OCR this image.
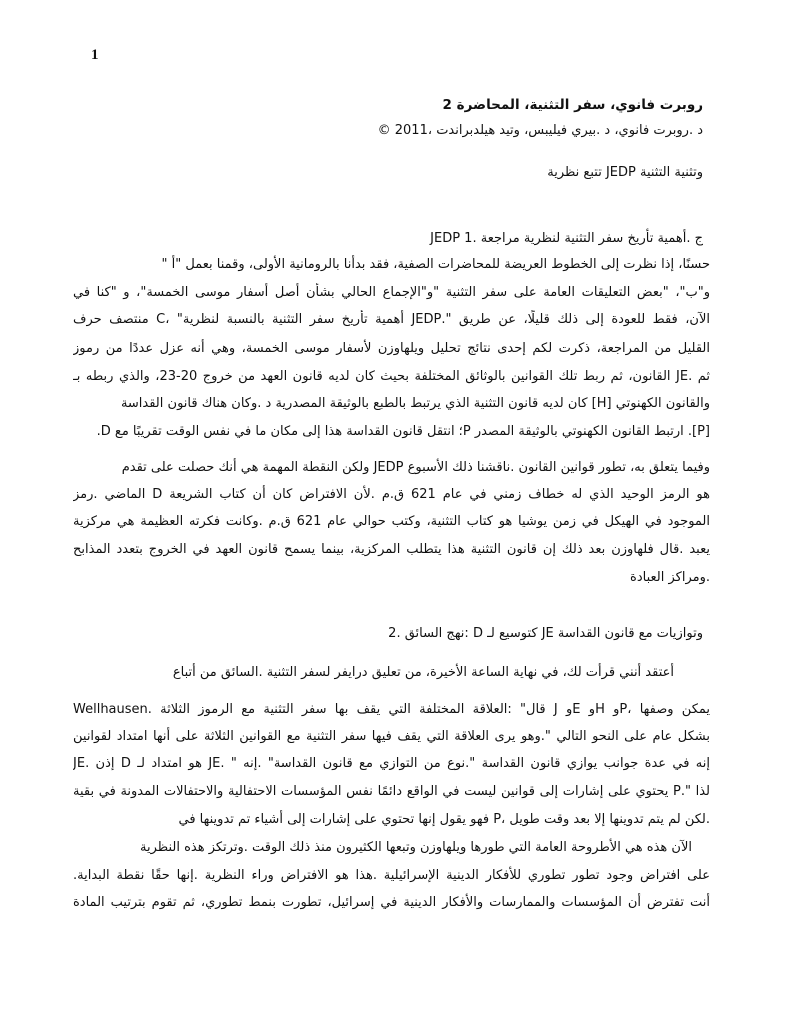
1
روبرت فانوي، سفر التثنية، المحاضرة 2
د .روبرت فانوي، د .بيري فيليبس، وتيد هيلدبراندت ،2011 ©
وتثنية التثنية JEDP تتبع نظرية
JEDP ج .أهمية تأريخ سفر التثنية لنظرية مراجعة .1
حسنًا، إذا نظرت إلى الخطوط العريضة للمحاضرات الصفية، فقد بدأنا بالرومانية الأولى، وقمنا بعمل "أ "
و"ب"، "بعض التعليقات العامة على سفر التثنية "و"الإجماع الحالي بشأن أصل أسفار موسى الخمسة"، و "كنا في
الآن، فقط للعودة إلى ذلك قليلًا، عن طريق ".JEDP أهمية تأريخ سفر التثنية بالنسبة لنظرية" ،C منتصف حرف
القليل من المراجعة، ذكرت لكم إحدى نتائج تحليل ويلهاوزن لأسفار موسى الخمسة، وهي أنه عزل عددًا من رموز
ثم .JE القانون، ثم ربط تلك القوانين بالوثائق المختلفة بحيث كان لديه قانون العهد من خروج 20-23، والذي ربطه بـ
والقانون الكهنوتي [H] كان لديه قانون التثنية الذي يرتبط بالطبع بالوثيقة المصدرية د .وكان هناك قانون القداسة
.D ؛ انتقل قانون القداسة هذا إلى مكان ما في نفس الوقت تقريبًا معP ارتبط القانون الكهنوتي بالوثيقة المصدر .[P]
وفيما يتعلق به، تطور قوانين القانون .ناقشنا ذلك الأسبوع JEDP ولكن النقطة المهمة هي أنك حصلت على تقدم
هو الرمز الوحيد الذي له خطاف زمني في عام 621 ق.م .لأن الافتراض كان أن كتاب الشريعة D الماضي .رمز
الموجود في الهيكل في زمن يوشيا هو كتاب التثنية، وكتب حوالي عام 621 ق.م .وكانت فكرته العظيمة هي مركزية
يعبد .قال فلهاوزن بعد ذلك إن قانون التثنية هذا يتطلب المركزية، بينما يسمح قانون العهد في الخروج بتعدد المذابح
.ومراكز العبادة
وتوازيات مع قانون القداسة JE كتوسيع لـ D :نهج السائق .2
أعتقد أنني قرأت لك، في نهاية الساعة الأخيرة، من تعليق درايفر لسفر التثنية .السائق من أتباع
يمكن وصفها ،Pو Hو Eو J قال" :العلاقة المختلفة التي يقف بها سفر التثنية مع الرموز الثلاثة .Wellhausen
بشكل عام على النحو التالي ".وهو يرى العلاقة التي يقف فيها سفر التثنية مع القوانين الثلاثة على أنها امتداد لقوانين
إنه في عدة جوانب يوازي قانون القداسة ".نوع من التوازي مع قانون القداسة" .إنه " .JE هو امتداد لـ D إذن .JE
لذا ".P يحتوي على إشارات إلى قوانين ليست في الواقع دائمًا نفس المؤسسات الاحتفالية والاحتفالات المدونة في بقية
.لكن لم يتم تدوينها إلا بعد وقت طويل ،P فهو يقول إنها تحتوي على إشارات إلى أشياء تم تدوينها في
الآن هذه هي الأطروحة العامة التي طورها ويلهاوزن وتبعها الكثيرون منذ ذلك الوقت .وترتكز هذه النظرية
على افتراض وجود تطور تطوري للأفكار الدينية الإسرائيلية .هذا هو الافتراض وراء النظرية .إنها حقًا نقطة البداية.
أنت تفترض أن المؤسسات والممارسات والأفكار الدينية في إسرائيل، تطورت بنمط تطوري، ثم تقوم بترتيب المادة
